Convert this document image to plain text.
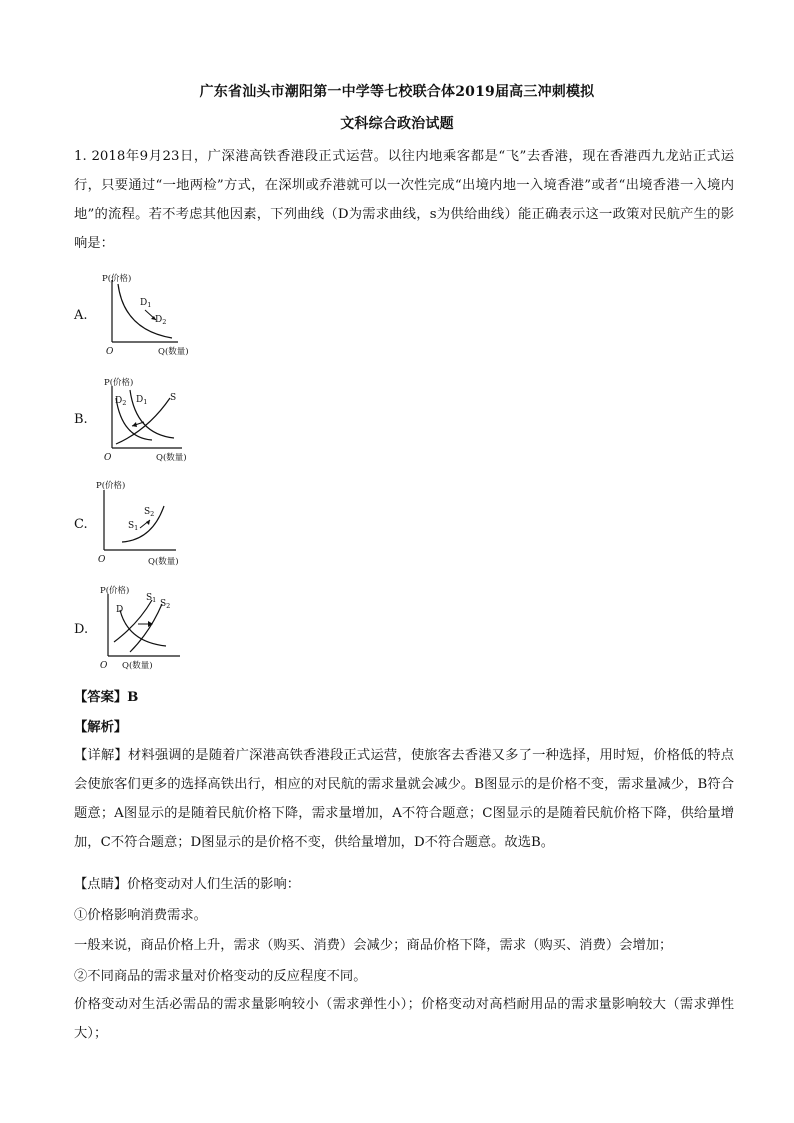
广东省汕头市潮阳第一中学等七校联合体2019届高三冲刺模拟
文科综合政治试题
1. 2018年9月23日，广深港高铁香港段正式运营。以往内地乘客都是“飞”去香港，现在香港西九龙站正式运行，只要通过“一地两检”方式，在深圳或乔港就可以一次性完成“出境内地一入境香港”或者“出境香港一入境内地”的流程。若不考虑其他因素，下列曲线（D为需求曲线，s为供给曲线）能正确表示这一政策对民航产生的影响是：
A.
P(价格)
$D_1$
$D_2$
O	Q(数量)
B.
P(价格)
$D_2$ $D_1$	S
O	Q(数量)
C.
P(价格)
$S_1$
$S_2$
O	Q(数量)
D.
P(价格)
D
$S_1$ $S_2$
O Q(数量)
【答案】B
【解析】
【详解】材料强调的是随着广深港高铁香港段正式运营，使旅客去香港又多了一种选择，用时短，价格低的特点会使旅客们更多的选择高铁出行，相应的对民航的需求量就会减少。B图显示的是价格不变，需求量减少，B符合题意；A图显示的是随着民航价格下降，需求量增加，A不符合题意；C图显示的是随着民航价格下降，供给量增加，C不符合题意；D图显示的是价格不变，供给量增加，D不符合题意。故选B。
【点睛】价格变动对人们生活的影响：
①价格影响消费需求。
一般来说，商品价格上升，需求（购买、消费）会减少；商品价格下降，需求（购买、消费）会增加；
②不同商品的需求量对价格变动的反应程度不同。
价格变动对生活必需品的需求量影响较小（需求弹性小）；价格变动对高档耐用品的需求量影响较大（需求弹性大）；
